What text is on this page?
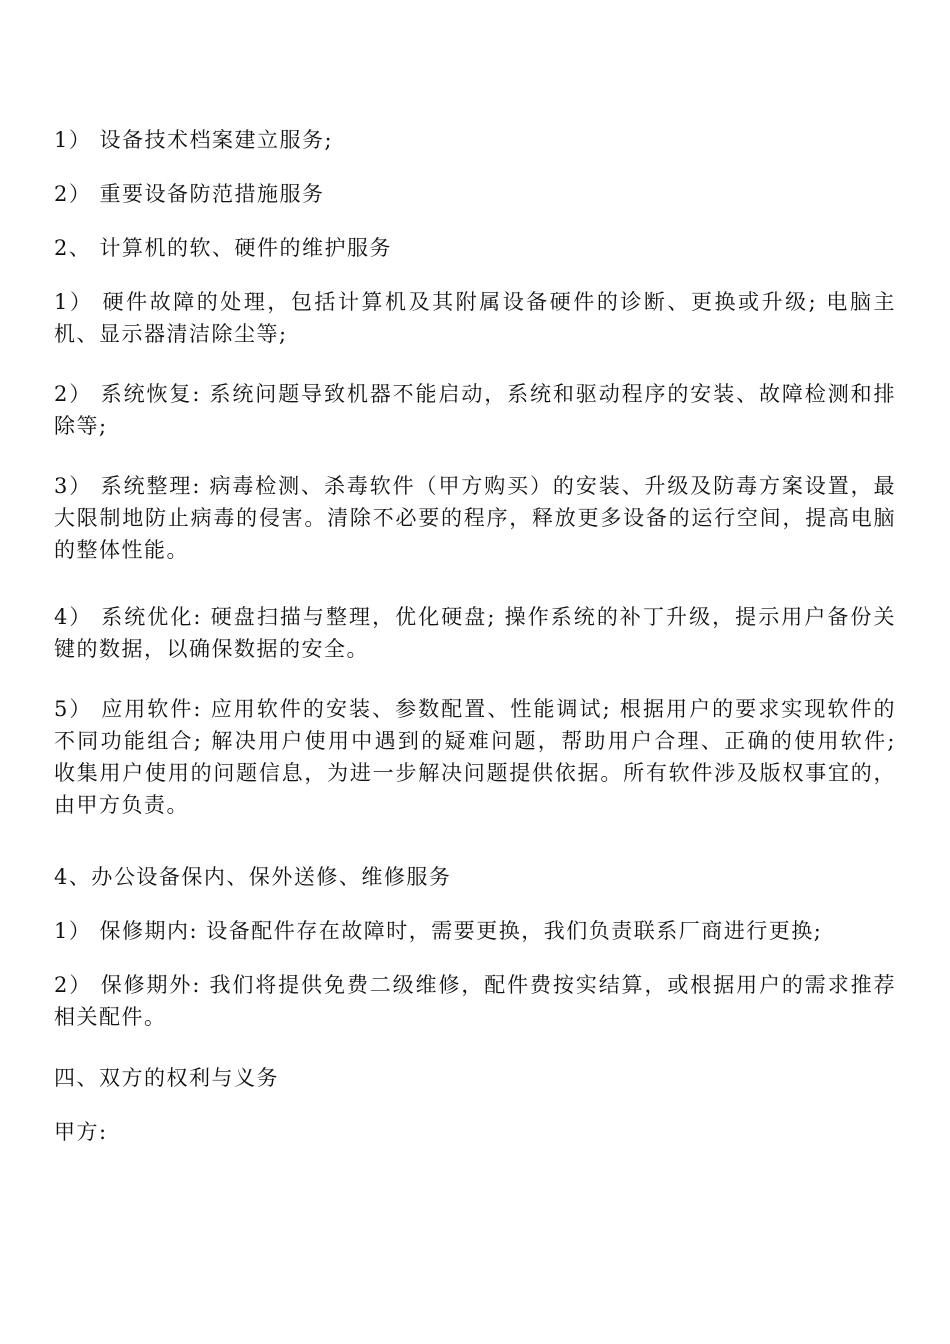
1） 设备技术档案建立服务;

2） 重要设备防范措施服务

2、 计算机的软、硬件的维护服务

1） 硬件故障的处理，包括计算机及其附属设备硬件的诊断、更换或升级; 电脑主机、显示器清洁除尘等;

2） 系统恢复: 系统问题导致机器不能启动，系统和驱动程序的安装、故障检测和排除等;

3） 系统整理: 病毒检测、杀毒软件（甲方购买）的安装、升级及防毒方案设置，最大限制地防止病毒的侵害。清除不必要的程序，释放更多设备的运行空间，提高电脑的整体性能。

4） 系统优化: 硬盘扫描与整理，优化硬盘; 操作系统的补丁升级，提示用户备份关键的数据，以确保数据的安全。

5） 应用软件: 应用软件的安装、参数配置、性能调试; 根据用户的要求实现软件的不同功能组合; 解决用户使用中遇到的疑难问题，帮助用户合理、正确的使用软件; 收集用户使用的问题信息，为进一步解决问题提供依据。所有软件涉及版权事宜的，由甲方负责。

4、办公设备保内、保外送修、维修服务

1） 保修期内: 设备配件存在故障时，需要更换，我们负责联系厂商进行更换;

2） 保修期外: 我们将提供免费二级维修，配件费按实结算，或根据用户的需求推荐相关配件。

四、双方的权利与义务

甲方:
